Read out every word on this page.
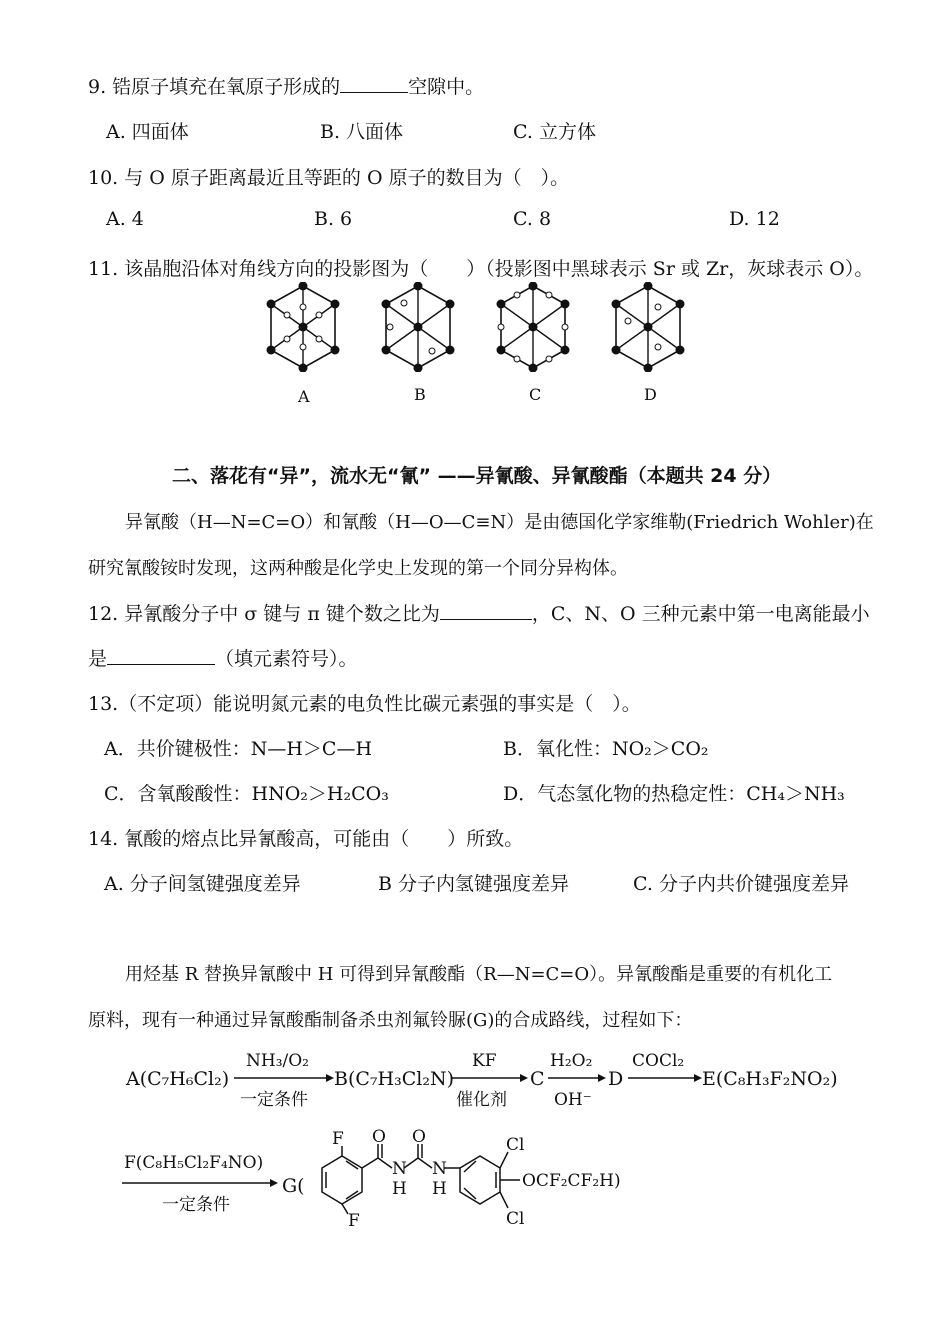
9. 锆原子填充在氧原子形成的	空隙中。
A. 四面体	B. 八面体	C. 立方体
10. 与 O 原子距离最近且等距的 O 原子的数目为（　）。
A. 4	B. 6	C. 8	D. 12
11. 该晶胞沿体对角线方向的投影图为（　　）（投影图中黑球表示 Sr 或 Zr，灰球表示 O）。
A	B	C	D
二、落花有“异”，流水无“氰” ——异氰酸、异氰酸酯（本题共 24 分）
异氰酸（H—N=C=O）和氰酸（H—O—C≡N）是由德国化学家维勒(Friedrich Wohler)在
研究氰酸铵时发现，这两种酸是化学史上发现的第一个同分异构体。
12. 异氰酸分子中 σ 键与 π 键个数之比为	，C、N、O 三种元素中第一电离能最小
是	（填元素符号）。
13.（不定项）能说明氮元素的电负性比碳元素强的事实是（　）。
A．共价键极性：N—H＞C—H	B．氧化性：NO₂＞CO₂
C．含氧酸酸性：HNO₂＞H₂CO₃	D．气态氢化物的热稳定性：CH₄＞NH₃
14. 氰酸的熔点比异氰酸高，可能由（　　）所致。
A. 分子间氢键强度差异	B 分子内氢键强度差异	C. 分子内共价键强度差异
用烃基 R 替换异氰酸中 H 可得到异氰酸酯（R—N=C=O）。异氰酸酯是重要的有机化工
原料，现有一种通过异氰酸酯制备杀虫剂氟铃脲(G)的合成路线，过程如下：
A(C₇H₆Cl₂)
NH₃/O₂
一定条件
B(C₇H₃Cl₂N)
KF
催化剂
C
H₂O₂
OH⁻
D
COCl₂
E(C₈H₃F₂NO₂)
F(C₈H₅Cl₂F₄NO)
一定条件
G(
F
F
O O
N
H
N
H
Cl
Cl
OCF₂CF₂H)
